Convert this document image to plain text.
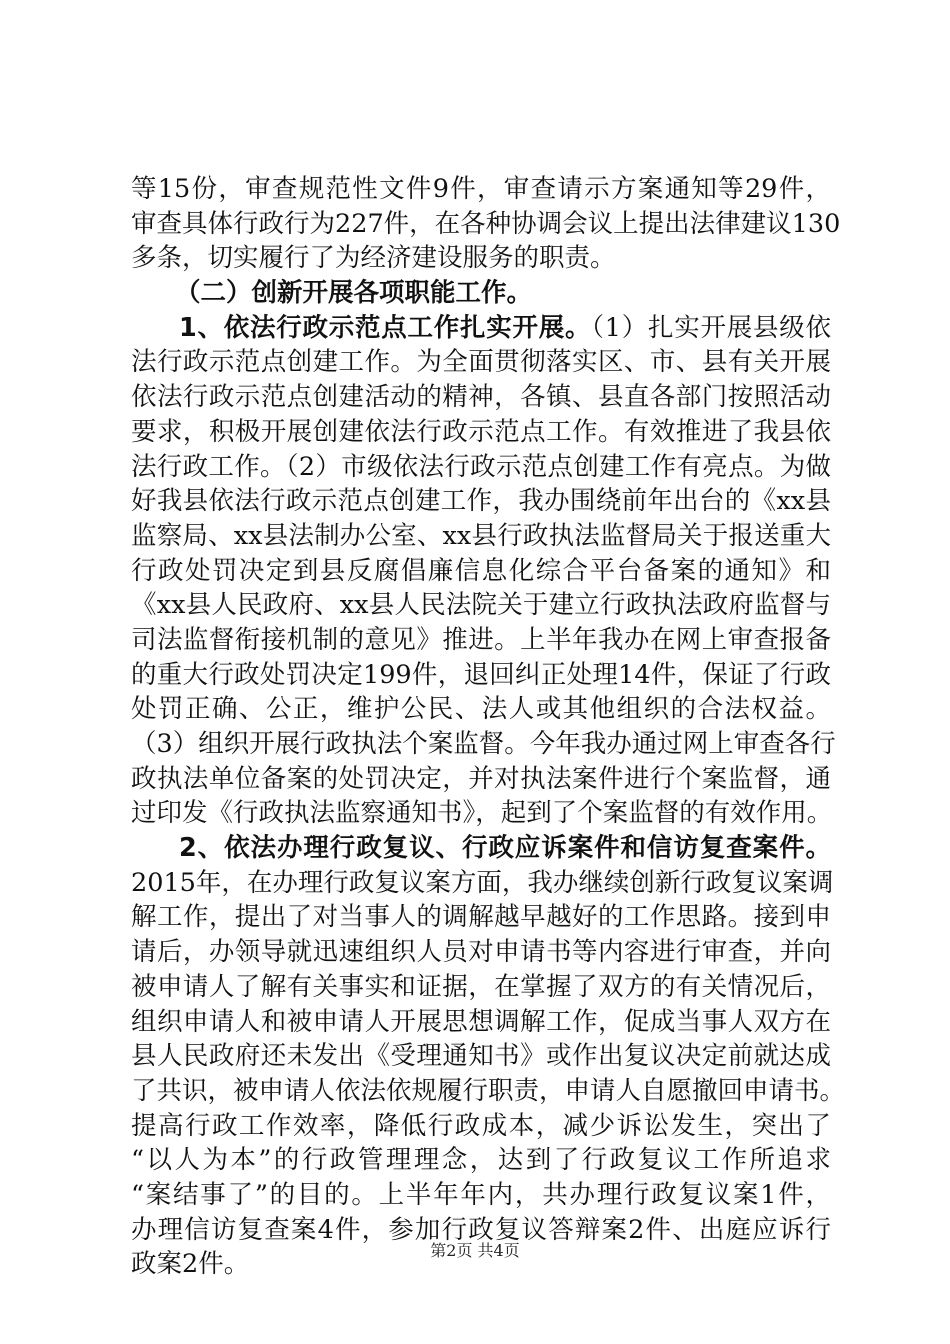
等15份，审查规范性文件9件，审查请示方案通知等29件，
审查具体行政行为227件，在各种协调会议上提出法律建议130
多条，切实履行了为经济建设服务的职责。
（二）创新开展各项职能工作。
1、依法行政示范点工作扎实开展。（1）扎实开展县级依
法行政示范点创建工作。为全面贯彻落实区、市、县有关开展
依法行政示范点创建活动的精神，各镇、县直各部门按照活动
要求，积极开展创建依法行政示范点工作。有效推进了我县依
法行政工作。（2）市级依法行政示范点创建工作有亮点。为做
好我县依法行政示范点创建工作，我办围绕前年出台的《xx县
监察局、xx县法制办公室、xx县行政执法监督局关于报送重大
行政处罚决定到县反腐倡廉信息化综合平台备案的通知》和
《xx县人民政府、xx县人民法院关于建立行政执法政府监督与
司法监督衔接机制的意见》推进。上半年我办在网上审查报备
的重大行政处罚决定199件，退回纠正处理14件，保证了行政
处罚正确、公正，维护公民、法人或其他组织的合法权益。
（3）组织开展行政执法个案监督。今年我办通过网上审查各行
政执法单位备案的处罚决定，并对执法案件进行个案监督，通
过印发《行政执法监察通知书》，起到了个案监督的有效作用。
2、依法办理行政复议、行政应诉案件和信访复查案件。
2015年，在办理行政复议案方面，我办继续创新行政复议案调
解工作，提出了对当事人的调解越早越好的工作思路。接到申
请后，办领导就迅速组织人员对申请书等内容进行审查，并向
被申请人了解有关事实和证据，在掌握了双方的有关情况后，
组织申请人和被申请人开展思想调解工作，促成当事人双方在
县人民政府还未发出《受理通知书》或作出复议决定前就达成
了共识，被申请人依法依规履行职责，申请人自愿撤回申请书。
提高行政工作效率，降低行政成本，减少诉讼发生，突出了
“以人为本”的行政管理理念，达到了行政复议工作所追求
“案结事了”的目的。上半年年内，共办理行政复议案1件，
办理信访复查案4件，参加行政复议答辩案2件、出庭应诉行
政案2件。	第2页 共4页
